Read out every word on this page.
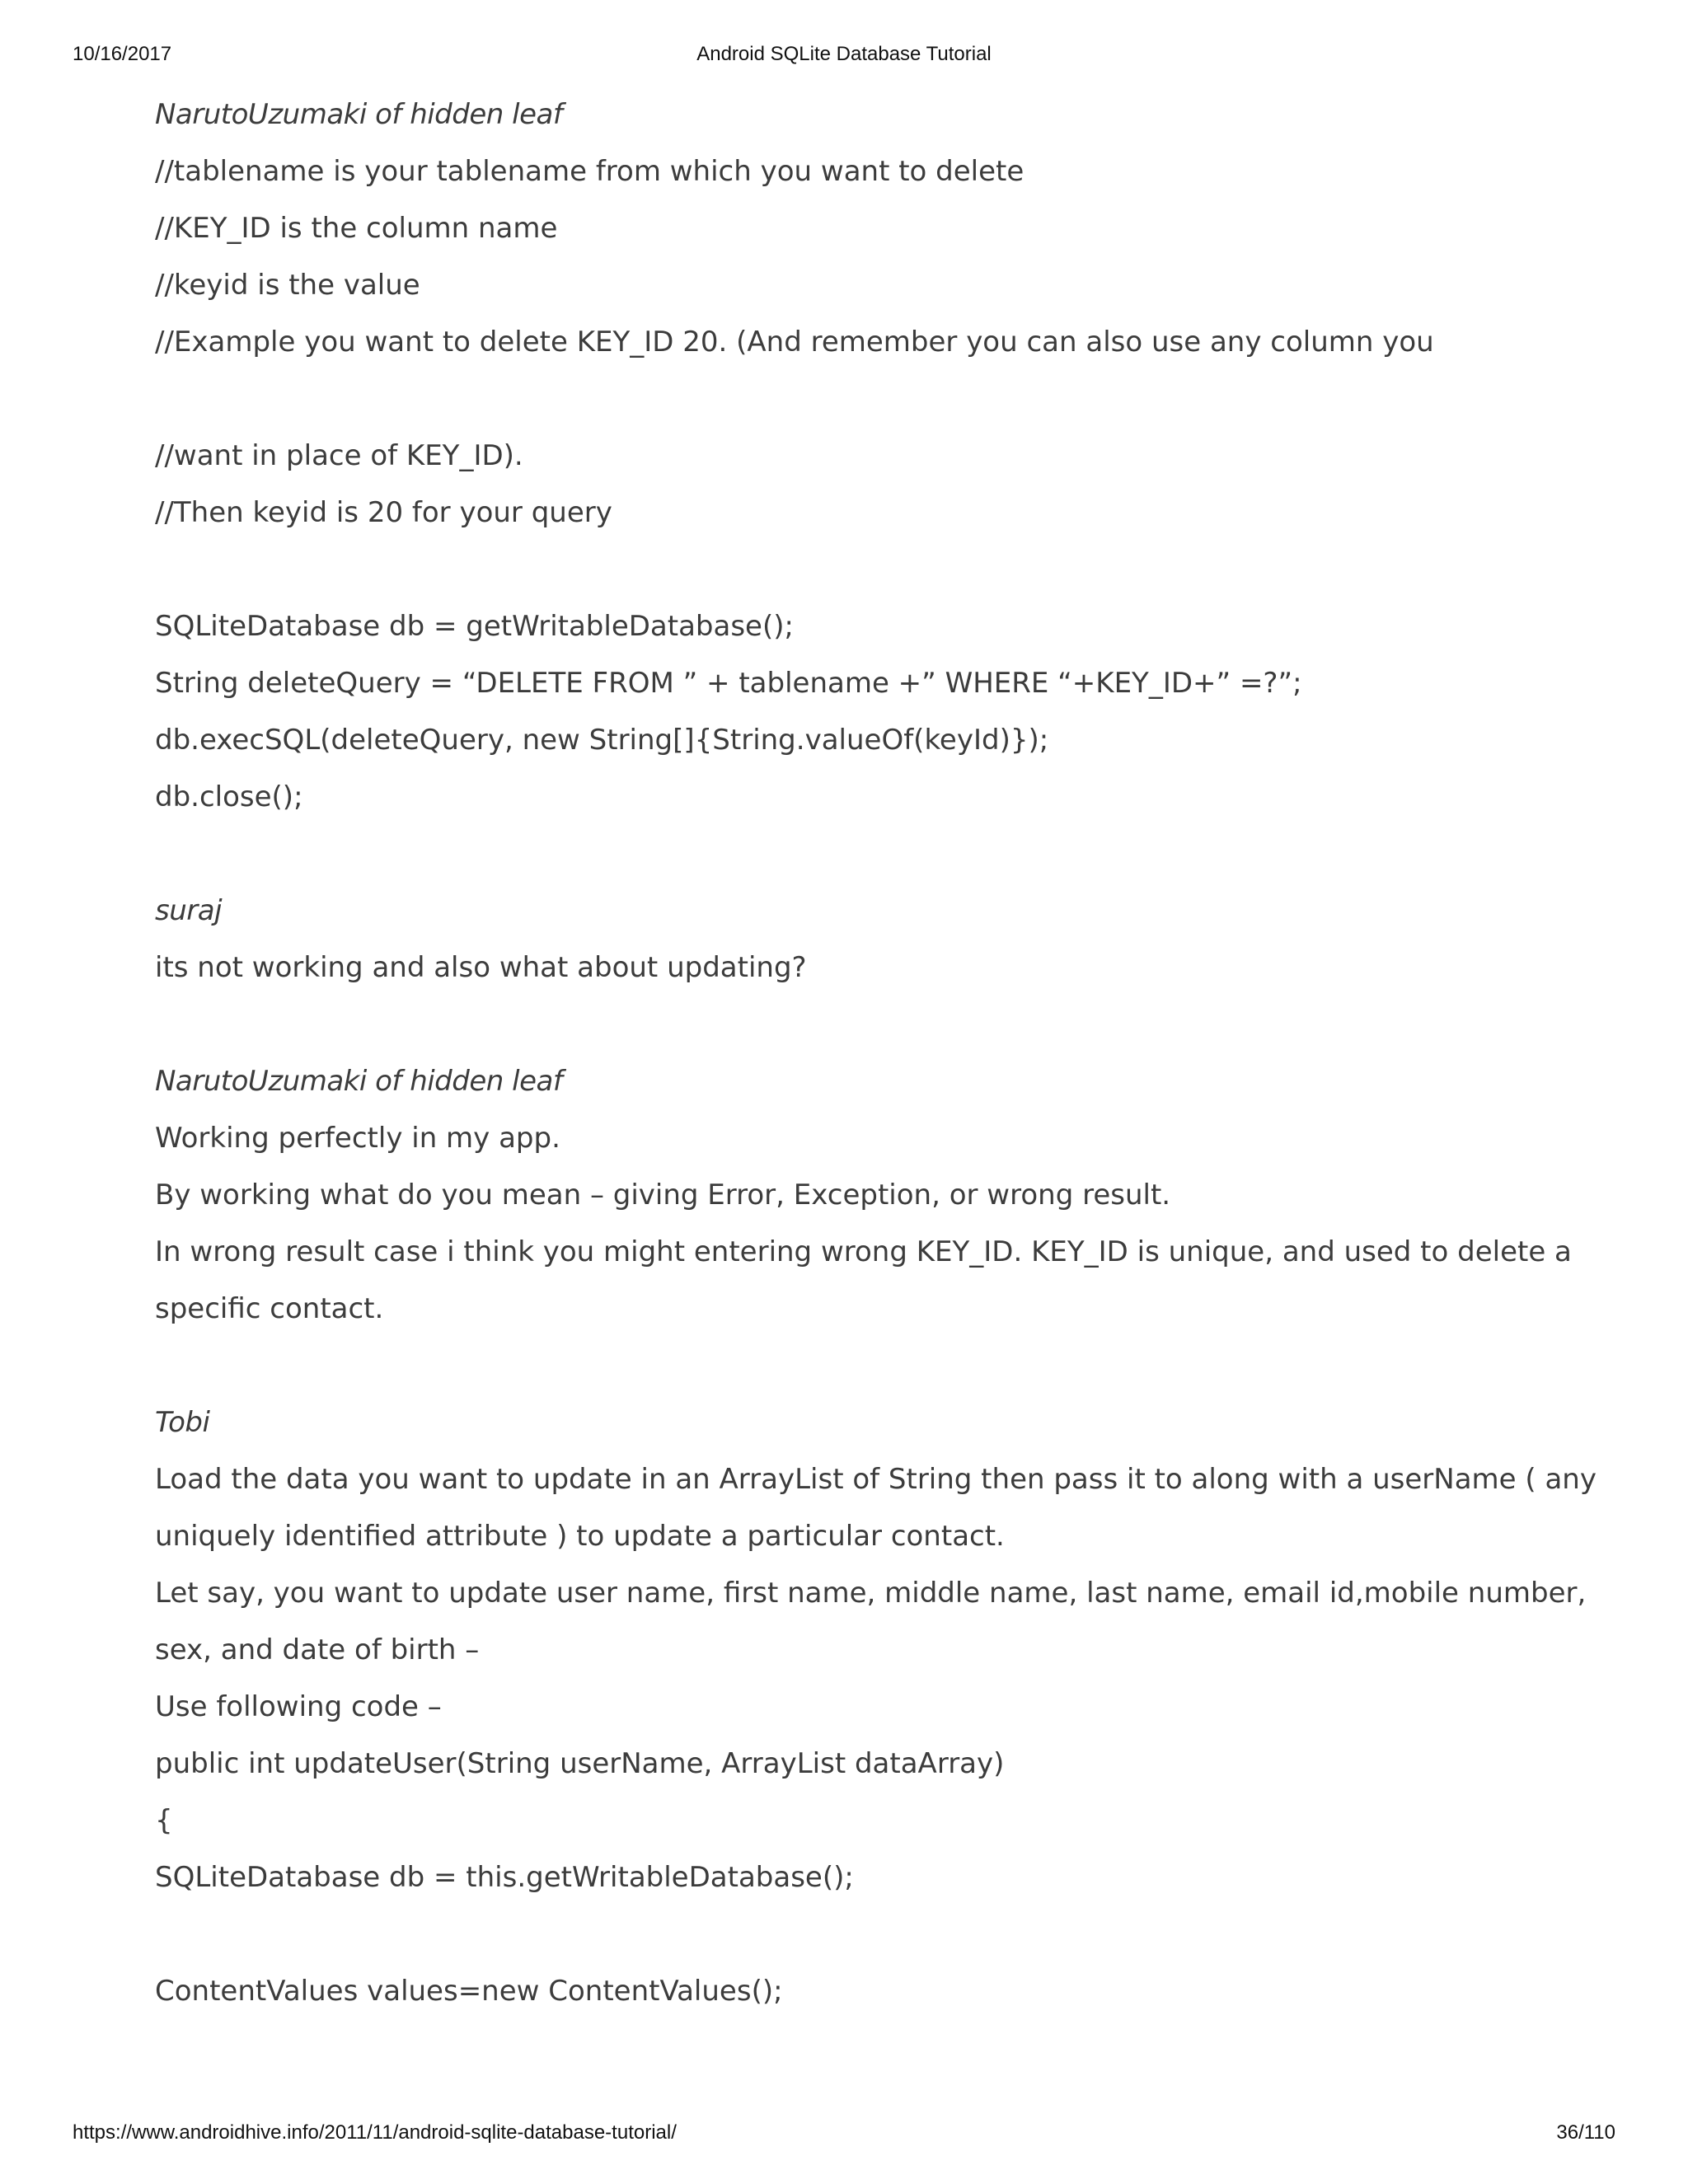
10/16/2017	Android SQLite Database Tutorial
NarutoUzumaki of hidden leaf
//tablename is your tablename from which you want to delete
//KEY_ID is the column name
//keyid is the value
//Example you want to delete KEY_ID 20. (And remember you can also use any column you
//want in place of KEY_ID).
//Then keyid is 20 for your query
SQLiteDatabase db = getWritableDatabase();
String deleteQuery = “DELETE FROM ” + tablename +” WHERE “+KEY_ID+” =?”;
db.execSQL(deleteQuery, new String[]{String.valueOf(keyId)});
db.close();
suraj
its not working and also what about updating?
NarutoUzumaki of hidden leaf
Working perfectly in my app.
By working what do you mean – giving Error, Exception, or wrong result.
In wrong result case i think you might entering wrong KEY_ID. KEY_ID is unique, and used to delete a
specific contact.
Tobi
Load the data you want to update in an ArrayList of String then pass it to along with a userName ( any
uniquely identified attribute ) to update a particular contact.
Let say, you want to update user name, first name, middle name, last name, email id,mobile number,
sex, and date of birth –
Use following code –
public int updateUser(String userName, ArrayList dataArray)
{
SQLiteDatabase db = this.getWritableDatabase();
ContentValues values=new ContentValues();
https://www.androidhive.info/2011/11/android-sqlite-database-tutorial/	36/110
